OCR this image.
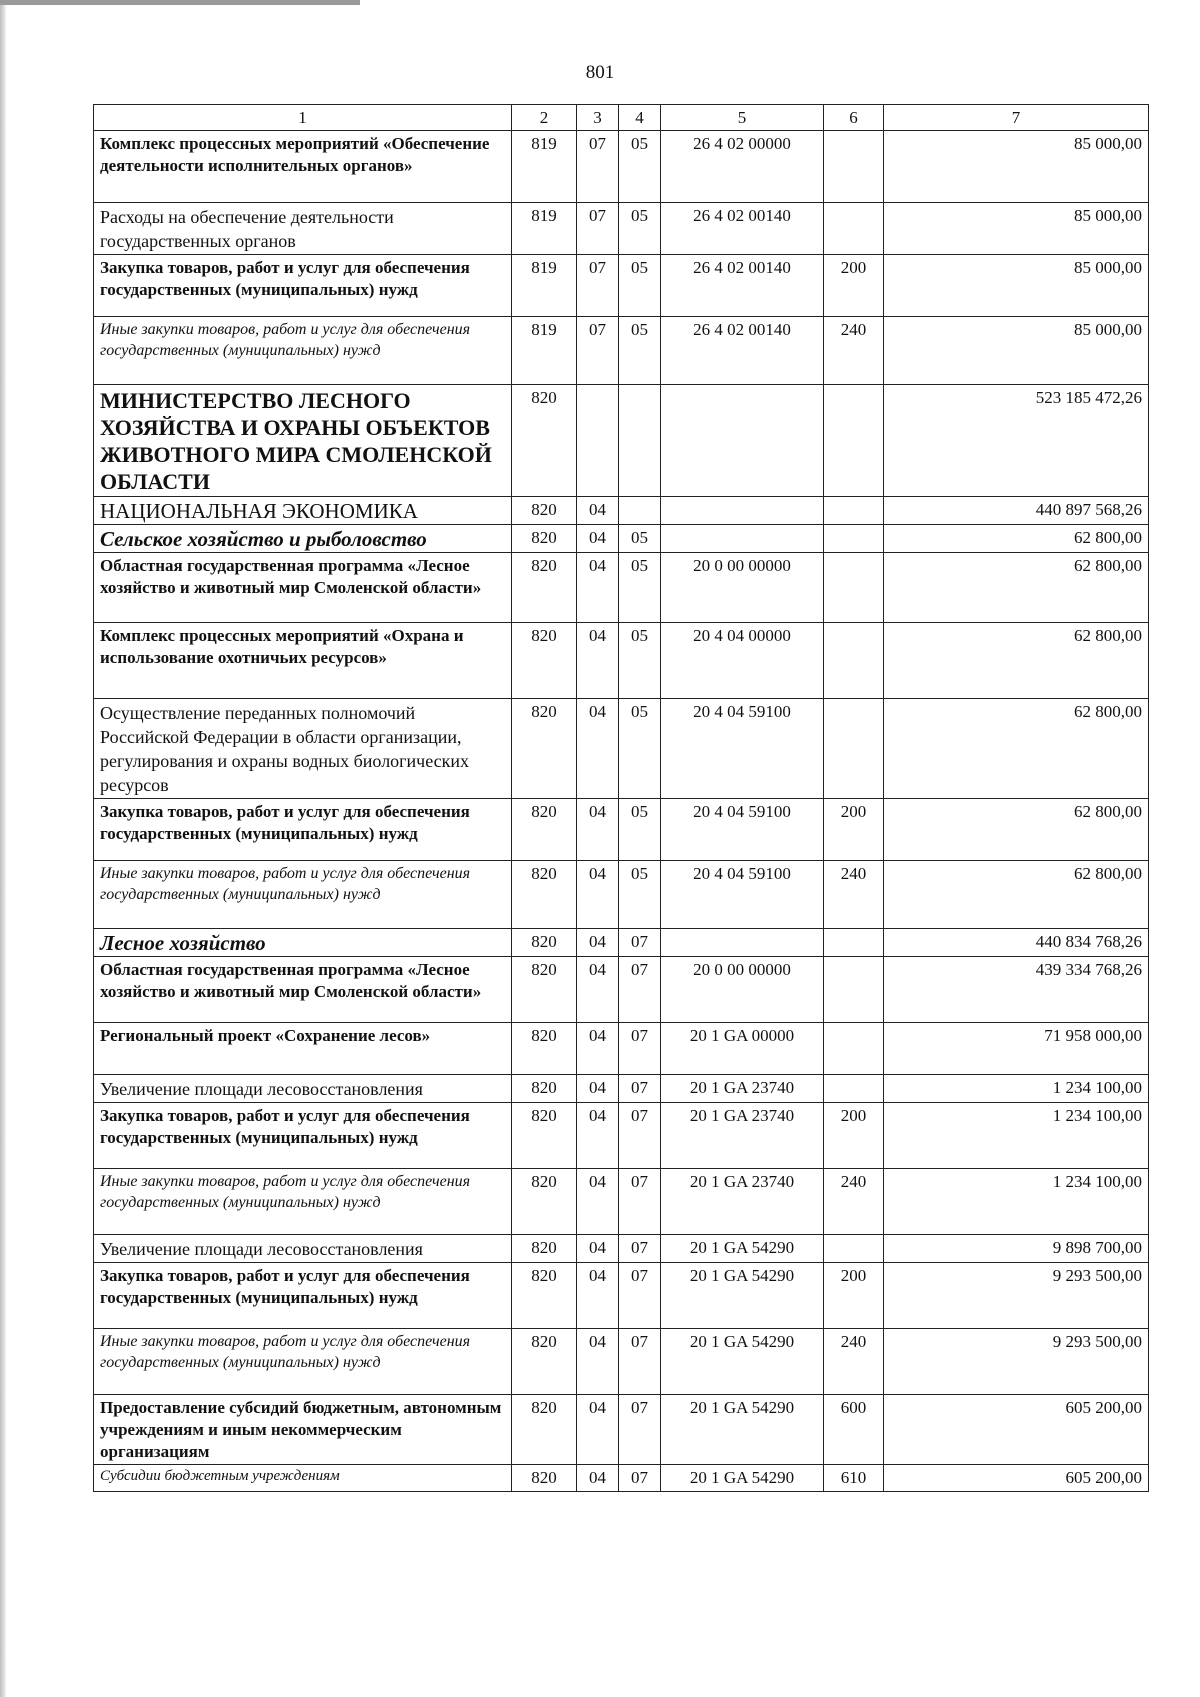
801
1	2	3	4	5	6	7
Комплекс процессных мероприятий «Обеспечение деятельности исполнительных органов»	819	07	05	26 4 02 00000		85 000,00
Расходы на обеспечение деятельности государственных органов	819	07	05	26 4 02 00140		85 000,00
Закупка товаров, работ и услуг для обеспечения государственных (муниципальных) нужд	819	07	05	26 4 02 00140	200	85 000,00
Иные закупки товаров, работ и услуг для обеспечения государственных (муниципальных) нужд	819	07	05	26 4 02 00140	240	85 000,00
МИНИСТЕРСТВО ЛЕСНОГО ХОЗЯЙСТВА И ОХРАНЫ ОБЪЕКТОВ ЖИВОТНОГО МИРА СМОЛЕНСКОЙ ОБЛАСТИ	820					523 185 472,26
НАЦИОНАЛЬНАЯ ЭКОНОМИКА	820	04				440 897 568,26
Сельское хозяйство и рыболовство	820	04	05			62 800,00
Областная государственная программа «Лесное хозяйство и животный мир Смоленской области»	820	04	05	20 0 00 00000		62 800,00
Комплекс процессных мероприятий «Охрана и использование охотничьих ресурсов»	820	04	05	20 4 04 00000		62 800,00
Осуществление переданных полномочий Российской Федерации в области организации, регулирования и охраны водных биологических ресурсов	820	04	05	20 4 04 59100		62 800,00
Закупка товаров, работ и услуг для обеспечения государственных (муниципальных) нужд	820	04	05	20 4 04 59100	200	62 800,00
Иные закупки товаров, работ и услуг для обеспечения государственных (муниципальных) нужд	820	04	05	20 4 04 59100	240	62 800,00
Лесное хозяйство	820	04	07			440 834 768,26
Областная государственная программа «Лесное хозяйство и животный мир Смоленской области»	820	04	07	20 0 00 00000		439 334 768,26
Региональный проект «Сохранение лесов»	820	04	07	20 1 GA 00000		71 958 000,00
Увеличение площади лесовосстановления	820	04	07	20 1 GA 23740		1 234 100,00
Закупка товаров, работ и услуг для обеспечения государственных (муниципальных) нужд	820	04	07	20 1 GA 23740	200	1 234 100,00
Иные закупки товаров, работ и услуг для обеспечения государственных (муниципальных) нужд	820	04	07	20 1 GA 23740	240	1 234 100,00
Увеличение площади лесовосстановления	820	04	07	20 1 GA 54290		9 898 700,00
Закупка товаров, работ и услуг для обеспечения государственных (муниципальных) нужд	820	04	07	20 1 GA 54290	200	9 293 500,00
Иные закупки товаров, работ и услуг для обеспечения государственных (муниципальных) нужд	820	04	07	20 1 GA 54290	240	9 293 500,00
Предоставление субсидий бюджетным, автономным учреждениям и иным некоммерческим организациям	820	04	07	20 1 GA 54290	600	605 200,00
Субсидии бюджетным учреждениям	820	04	07	20 1 GA 54290	610	605 200,00
